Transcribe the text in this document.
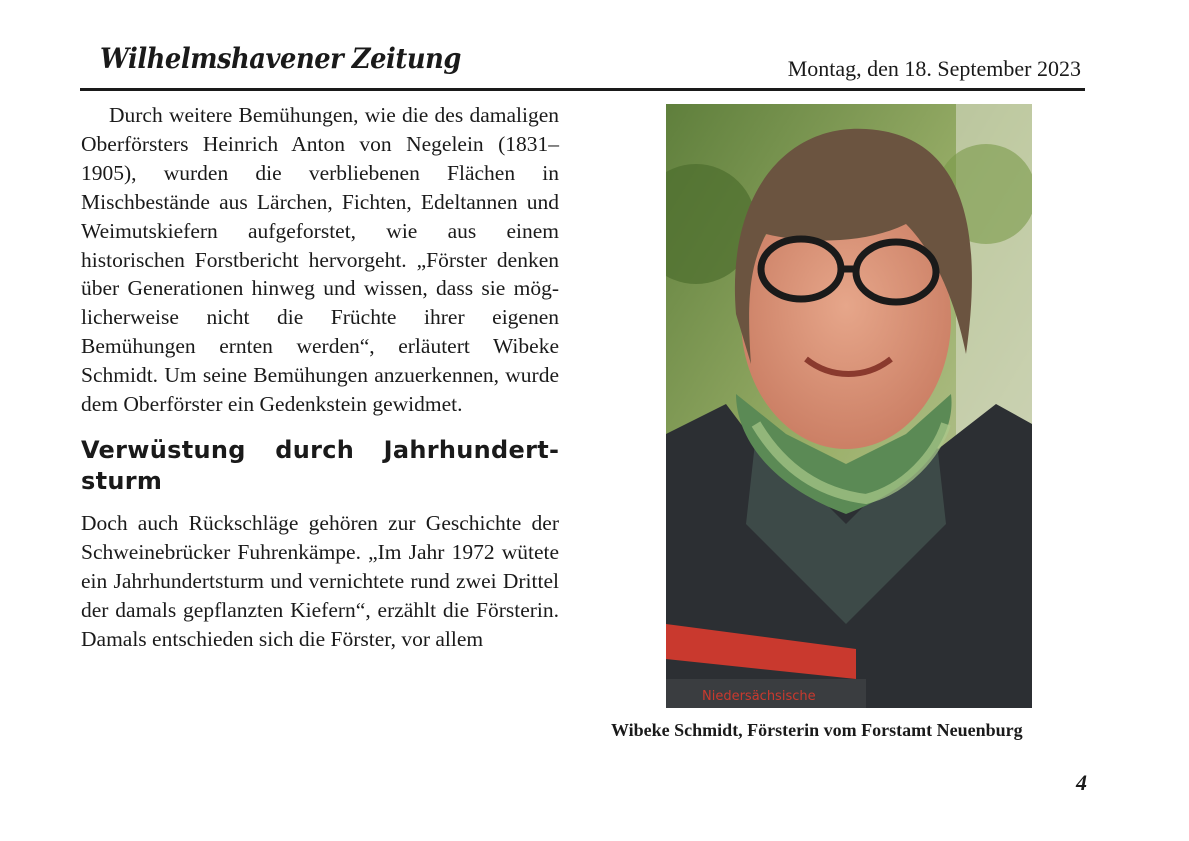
Wilhelmshavener Zeitung	Montag, den 18. September 2023

Durch weitere Bemühungen, wie die des damaligen Oberförsters Heinrich Anton von Negelein (1831–1905), wurden die verbliebenen Flächen in Mischbestände aus Lärchen, Fichten, Edeltannen und Weimutskiefern aufgeforstet, wie aus einem historischen Forstbericht hervorgeht. „Förster denken über Generationen hinweg und wissen, dass sie möglicherweise nicht die Früchte ihrer eigenen Bemühungen ernten werden“, erläutert Wibeke Schmidt. Um seine Bemühungen anzuerkennen, wurde dem Oberförster ein Gedenkstein gewidmet.

Verwüstung durch Jahrhundertsturm

Doch auch Rückschläge gehören zur Geschichte der Schweinebrücker Fuhrenkämpe. „Im Jahr 1972 wütete ein Jahrhundertsturm und vernichtete rund zwei Drittel der damals gepflanzten Kiefern“, erzählt die Försterin. Damals entschieden sich die Förster, vor allem

Niedersächsische
Wibeke Schmidt, Försterin vom Forstamt Neuenburg
4
